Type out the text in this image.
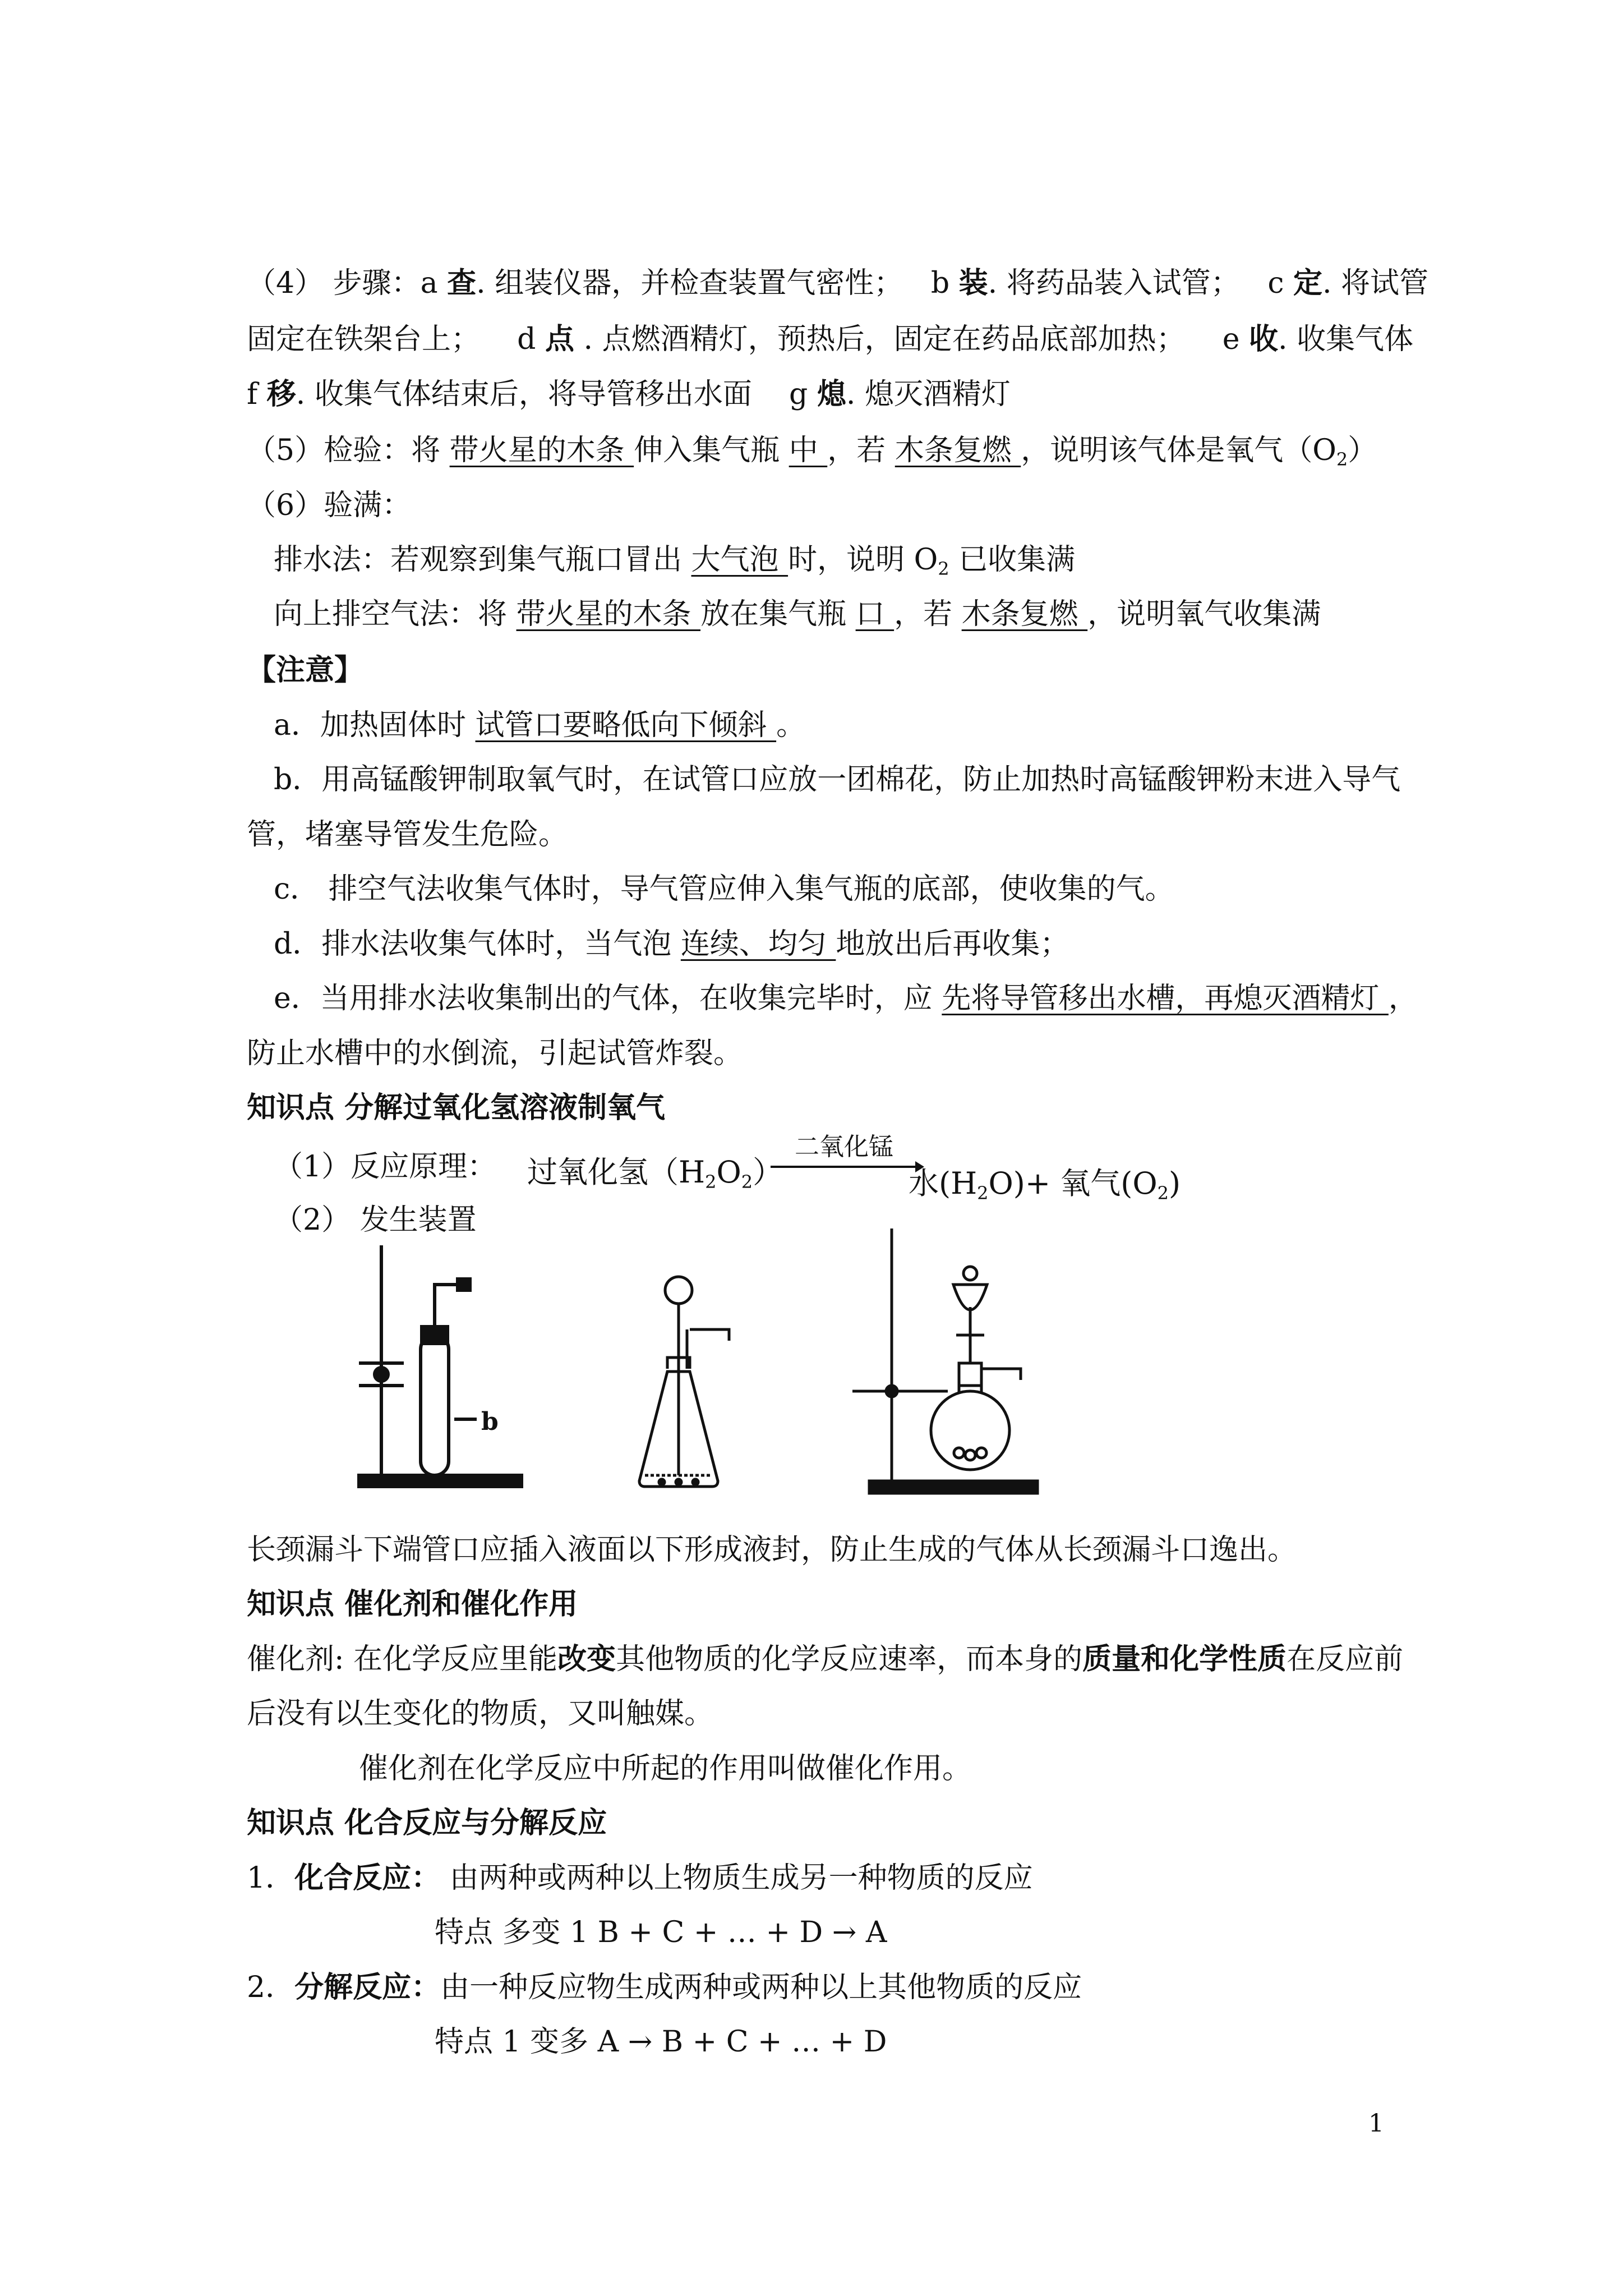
（4） 步骤：a 查. 组装仪器，并检查装置气密性； b 装. 将药品装入试管； c 定. 将试管
固定在铁架台上； d 点 . 点燃酒精灯，预热后，固定在药品底部加热； e 收. 收集气体
f 移. 收集气体结束后，将导管移出水面 g 熄. 熄灭酒精灯
（5）检验：将 带火星的木条 伸入集气瓶 中 ，若 木条复燃 ，说明该气体是氧气$(O_2)$
（6）验满：
排水法：若观察到集气瓶口冒出 大气泡 时，说明 $O_2$ 已收集满
向上排空气法：将 带火星的木条 放在集气瓶 口 ，若 木条复燃 ，说明氧气收集满
【注意】
a．加热固体时 试管口要略低向下倾斜 。
b．用高锰酸钾制取氧气时，在试管口应放一团棉花，防止加热时高锰酸钾粉末进入导气
管，堵塞导管发生危险。
c． 排空气法收集气体时，导气管应伸入集气瓶的底部，使收集的气。
d．排水法收集气体时，当气泡 连续、均匀 地放出后再收集；
e．当用排水法收集制出的气体，在收集完毕时，应 先将导管移出水槽，再熄灭酒精灯 ，
防止水槽中的水倒流，引起试管炸裂。
知识点 分解过氧化氢溶液制氧气
（1）反应原理：	过氧化氢$(H_2O_2)$
二氧化锰
水$(H_2O)+$ 氧气$(O_2)$
（2） 发生装置
b
长颈漏斗下端管口应插入液面以下形成液封，防止生成的气体从长颈漏斗口逸出。
知识点 催化剂和催化作用
催化剂: 在化学反应里能改变其他物质的化学反应速率，而本身的质量和化学性质在反应前
后没有以生变化的物质，又叫触媒。
催化剂在化学反应中所起的作用叫做催化作用。
知识点 化合反应与分解反应
1．化合反应： 由两种或两种以上物质生成另一种物质的反应
特点 多变 1 B + C + … + D → A
2．分解反应：由一种反应物生成两种或两种以上其他物质的反应
特点 1 变多 A → B + C + … + D
1
